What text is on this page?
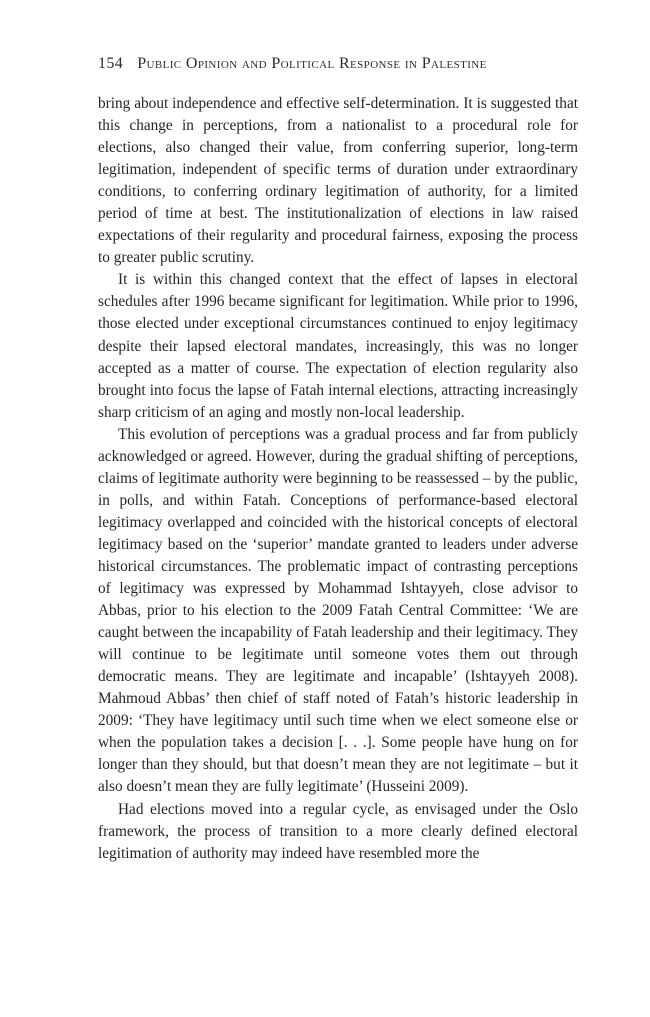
154 Public Opinion and Political Response in Palestine

bring about independence and effective self-determination. It is suggested that this change in perceptions, from a nationalist to a procedural role for elections, also changed their value, from conferring superior, long-term legitimation, independent of specific terms of duration under extraordinary conditions, to conferring ordinary legitimation of authority, for a limited period of time at best. The institutionalization of elections in law raised expectations of their regularity and procedural fairness, exposing the process to greater public scrutiny.

It is within this changed context that the effect of lapses in electoral schedules after 1996 became significant for legitimation. While prior to 1996, those elected under exceptional circumstances continued to enjoy legitimacy despite their lapsed electoral mandates, increasingly, this was no longer accepted as a matter of course. The expectation of election regularity also brought into focus the lapse of Fatah internal elections, attracting increasingly sharp criticism of an aging and mostly non-local leadership.

This evolution of perceptions was a gradual process and far from publicly acknowledged or agreed. However, during the gradual shifting of perceptions, claims of legitimate authority were beginning to be reassessed – by the public, in polls, and within Fatah. Conceptions of performance-based electoral legitimacy overlapped and coincided with the historical concepts of electoral legitimacy based on the ‘superior’ mandate granted to leaders under adverse historical circumstances. The problematic impact of contrasting perceptions of legitimacy was expressed by Mohammad Ishtayyeh, close advisor to Abbas, prior to his election to the 2009 Fatah Central Committee: ‘We are caught between the incapability of Fatah leadership and their legitimacy. They will continue to be legitimate until someone votes them out through democratic means. They are legitimate and incapable’ (Ishtayyeh 2008). Mahmoud Abbas’ then chief of staff noted of Fatah’s historic leadership in 2009: ‘They have legitimacy until such time when we elect someone else or when the population takes a decision [. . .]. Some people have hung on for longer than they should, but that doesn’t mean they are not legitimate – but it also doesn’t mean they are fully legitimate’ (Husseini 2009).

Had elections moved into a regular cycle, as envisaged under the Oslo framework, the process of transition to a more clearly defined electoral legitimation of authority may indeed have resembled more the
